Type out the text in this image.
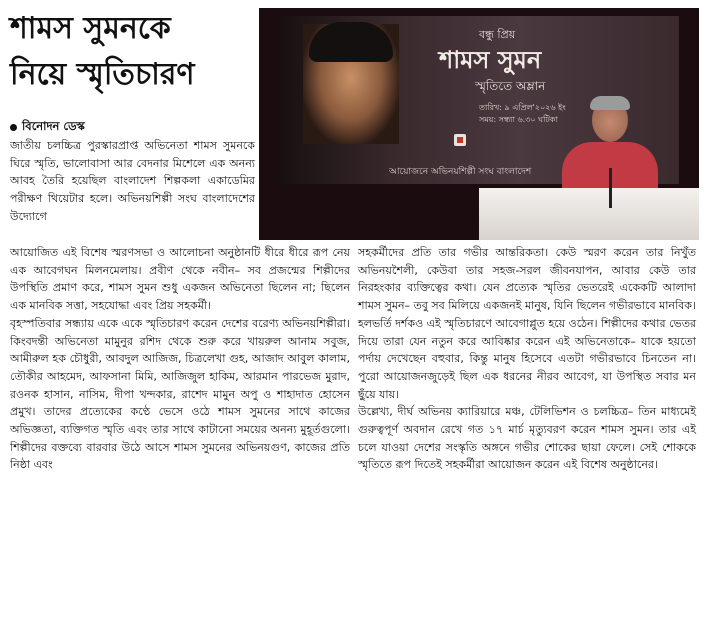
শামস সুমনকে
নিয়ে স্মৃতিচারণ
বন্ধু প্রিয়
শামস সুমন
স্মৃতিতে অম্লান
তারিখ: ৯ এপ্রিল'২০২৬ ইং
সময়: সন্ধ্যা ৬.৩০ ঘটিকা
আয়োজনে অভিনয়শিল্পী সংঘ বাংলাদেশ
বিনোদন ডেস্ক

জাতীয় চলচ্চিত্র পুরস্কারপ্রাপ্ত অভিনেতা শামস সুমনকে ঘিরে স্মৃতি, ভালোবাসা আর বেদনার মিশেলে এক অনন্য আবহ তৈরি হয়েছিল বাংলাদেশ শিল্পকলা একাডেমির পরীক্ষণ থিয়েটার হলে। অভিনয়শিল্পী সংঘ বাংলাদেশের উদ্যোগে

আয়োজিত এই বিশেষ স্মরণসভা ও আলোচনা অনুষ্ঠানটি ধীরে ধীরে রূপ নেয় এক আবেগঘন মিলনমেলায়। প্রবীণ থেকে নবীন– সব প্রজন্মের শিল্পীদের উপস্থিতি প্রমাণ করে, শামস সুমন শুধু একজন অভিনেতা ছিলেন না; ছিলেন এক মানবিক সত্তা, সহযোদ্ধা এবং প্রিয় সহকর্মী।

বৃহস্পতিবার সন্ধ্যায় একে একে স্মৃতিচারণ করেন দেশের বরেণ্য অভিনয়শিল্পীরা। কিংবদন্তী অভিনেতা মামুনুর রশিদ থেকে শুরু করে খায়রুল আনাম সবুজ, আমীরুল হক চৌধুরী, আবদুল আজিজ, চিত্রলেখা গুহ, আজাদ আবুল কালাম, তৌকীর আহমেদ, আফসানা মিমি, আজিজুল হাকিম, আরমান পারভেজ মুরাদ, রওনক হাসান, নাসিম, দীপা খন্দকার, রাশেদ মামুন অপু ও শাহাদাত হোসেন প্রমুখ। তাদের প্রত্যেকের কণ্ঠে ভেসে ওঠে শামস সুমনের সাথে কাজের অভিজ্ঞতা, ব্যক্তিগত স্মৃতি এবং তার সাথে কাটানো সময়ের অনন্য মুহূর্তগুলো। শিল্পীদের বক্তব্যে বারবার উঠে আসে শামস সুমনের অভিনয়গুণ, কাজের প্রতি নিষ্ঠা এবং

সহকর্মীদের প্রতি তার গভীর আন্তরিকতা। কেউ স্মরণ করেন তার নিখুঁত অভিনয়শৈলী, কেউবা তার সহজ-সরল জীবনযাপন, আবার কেউ তার নিরহংকার ব্যক্তিত্বের কথা। যেন প্রত্যেক স্মৃতির ভেতরেই একেকটি আলাদা শামস সুমন– তবু সব মিলিয়ে একজনই মানুষ, যিনি ছিলেন গভীরভাবে মানবিক।

হলভর্তি দর্শকও এই স্মৃতিচারণে আবেগাপ্লুত হয়ে ওঠেন। শিল্পীদের কথার ভেতর দিয়ে তারা যেন নতুন করে আবিষ্কার করেন এই অভিনেতাকে– যাকে হয়তো পর্দায় দেখেছেন বহুবার, কিন্তু মানুষ হিসেবে এতটা গভীরভাবে চিনতেন না। পুরো আয়োজনজুড়েই ছিল এক ধরনের নীরব আবেগ, যা উপস্থিত সবার মন ছুঁয়ে যায়।

উল্লেখ্য, দীর্ঘ অভিনয় ক্যারিয়ারে মঞ্চ, টেলিভিশন ও চলচ্চিত্র– তিন মাধ্যমেই গুরুত্বপূর্ণ অবদান রেখে গত ১৭ মার্চ মৃত্যুবরণ করেন শামস সুমন। তার এই চলে যাওয়া দেশের সংস্কৃতি অঙ্গনে গভীর শোকের ছায়া ফেলে। সেই শোককে স্মৃতিতে রূপ দিতেই সহকর্মীরা আয়োজন করেন এই বিশেষ অনুষ্ঠানের।
